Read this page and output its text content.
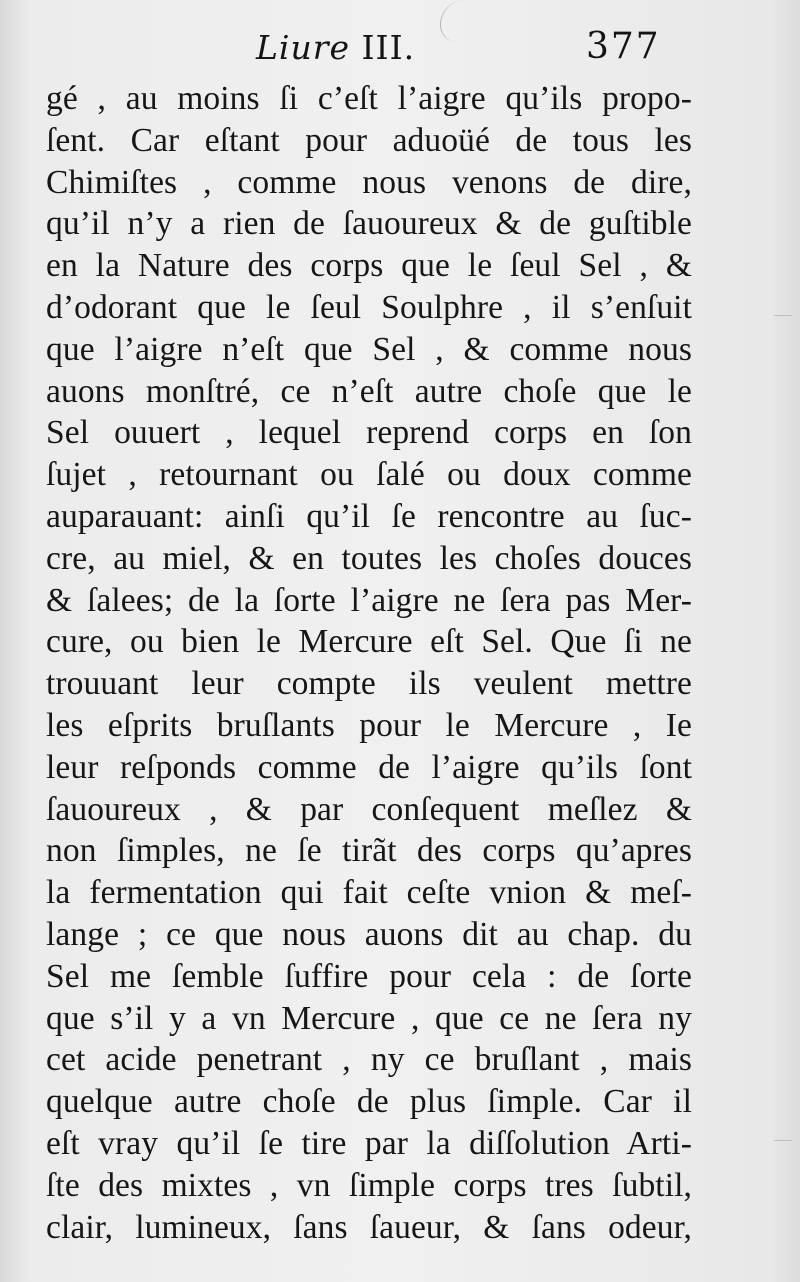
Liure III.	377
gé , au moins ſi c’eſt l’aigre qu’ils propo-
ſent. Car eſtant pour aduoüé de tous les
Chimiſtes , comme nous venons de dire,
qu’il n’y a rien de ſauoureux & de guſtible
en la Nature des corps que le ſeul Sel , &
d’odorant que le ſeul Soulphre , il s’enſuit
que l’aigre n’eſt que Sel , & comme nous
auons monſtré, ce n’eſt autre choſe que le
Sel ouuert , lequel reprend corps en ſon
ſujet , retournant ou ſalé ou doux comme
auparauant: ainſi qu’il ſe rencontre au ſuc-
cre, au miel, & en toutes les choſes douces
& ſalees; de la ſorte l’aigre ne ſera pas Mer-
cure, ou bien le Mercure eſt Sel. Que ſi ne
trouuant leur compte ils veulent mettre
les eſprits bruſlants pour le Mercure , Ie
leur reſponds comme de l’aigre qu’ils ſont
ſauoureux , & par conſequent meſlez &
non ſimples, ne ſe tirãt des corps qu’apres
la fermentation qui fait ceſte vnion & meſ-
lange ; ce que nous auons dit au chap. du
Sel me ſemble ſuffire pour cela : de ſorte
que s’il y a vn Mercure , que ce ne ſera ny
cet acide penetrant , ny ce bruſlant , mais
quelque autre choſe de plus ſimple. Car il
eſt vray qu’il ſe tire par la diſſolution Arti-
ſte des mixtes , vn ſimple corps tres ſubtil,
clair, lumineux, ſans ſaueur, & ſans odeur,
